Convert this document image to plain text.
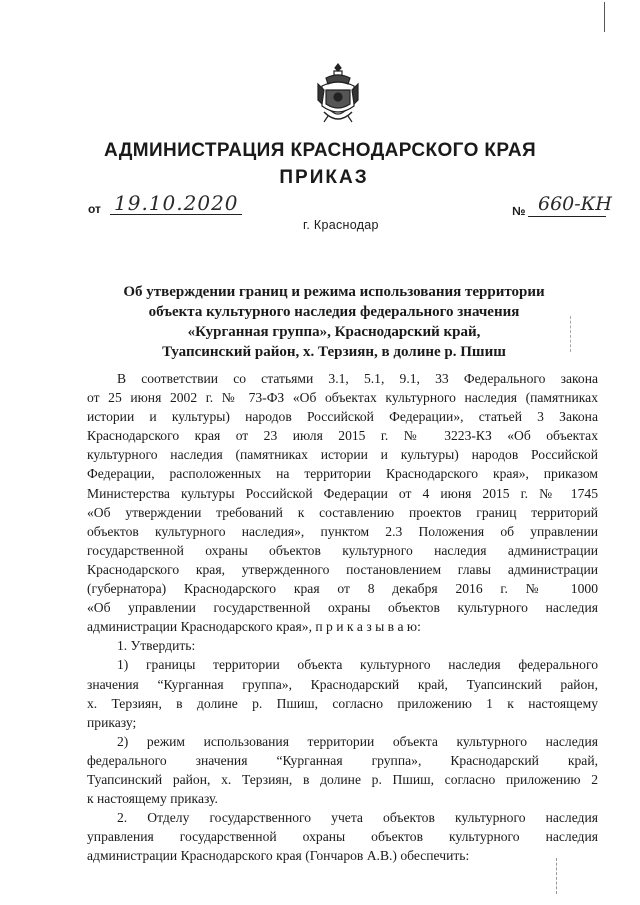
АДМИНИСТРАЦИЯ КРАСНОДАРСКОГО КРАЯ
ПРИКАЗ
от 19.10.2020
г. Краснодар
№ 660-КН
Об утверждении границ и режима использования территории
объекта культурного наследия федерального значения
«Курганная группа», Краснодарский край,
Туапсинский район, х. Терзиян, в долине р. Пшиш
В соответствии со статьями 3.1, 5.1, 9.1, 33 Федерального закона
от 25 июня 2002 г. № 73-ФЗ «Об объектах культурного наследия (памятниках
истории и культуры) народов Российской Федерации», статьей 3 Закона
Краснодарского края от 23 июля 2015 г. № 3223-КЗ «Об объектах
культурного наследия (памятниках истории и культуры) народов Российской
Федерации, расположенных на территории Краснодарского края», приказом
Министерства культуры Российской Федерации от 4 июня 2015 г. № 1745
«Об утверждении требований к составлению проектов границ территорий
объектов культурного наследия», пунктом 2.3 Положения об управлении
государственной охраны объектов культурного наследия администрации
Краснодарского края, утвержденного постановлением главы администрации
(губернатора) Краснодарского края от 8 декабря 2016 г. № 1000
«Об управлении государственной охраны объектов культурного наследия
администрации Краснодарского края», п р и к а з ы в а ю:
1. Утвердить:
1) границы территории объекта культурного наследия федерального
значения “Курганная группа», Краснодарский край, Туапсинский район,
х. Терзиян, в долине р. Пшиш, согласно приложению 1 к настоящему
приказу;
2) режим использования территории объекта культурного наследия
федерального значения “Курганная группа», Краснодарский край,
Туапсинский район, х. Терзиян, в долине р. Пшиш, согласно приложению 2
к настоящему приказу.
2. Отделу государственного учета объектов культурного наследия
управления государственной охраны объектов культурного наследия
администрации Краснодарского края (Гончаров А.В.) обеспечить:
